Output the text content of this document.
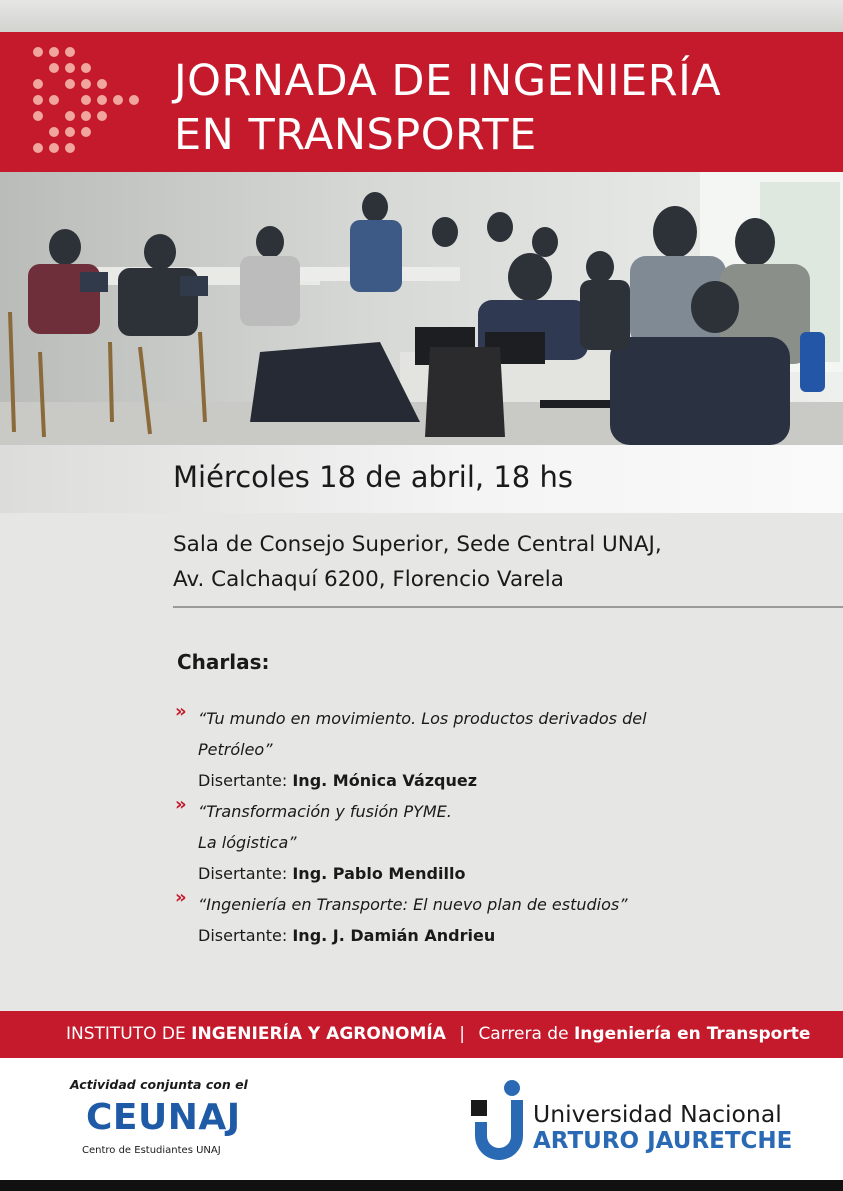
JORNADA DE INGENIERÍA
EN TRANSPORTE
Miércoles 18 de abril, 18 hs
Sala de Consejo Superior, Sede Central UNAJ,
Av. Calchaquí 6200, Florencio Varela
Charlas:
» “Tu mundo en movimiento. Los productos derivados del
Petróleo”
Disertante: Ing. Mónica Vázquez
» “Transformación y fusión PYME.
La lógistica”
Disertante: Ing. Pablo Mendillo
» “Ingeniería en Transporte: El nuevo plan de estudios”
Disertante: Ing. J. Damián Andrieu
INSTITUTO DE INGENIERÍA Y AGRONOMÍA | Carrera de Ingeniería en Transporte
Actividad conjunta con el
CEUNAJ
Centro de Estudiantes UNAJ
Universidad Nacional
ARTURO JAURETCHE
